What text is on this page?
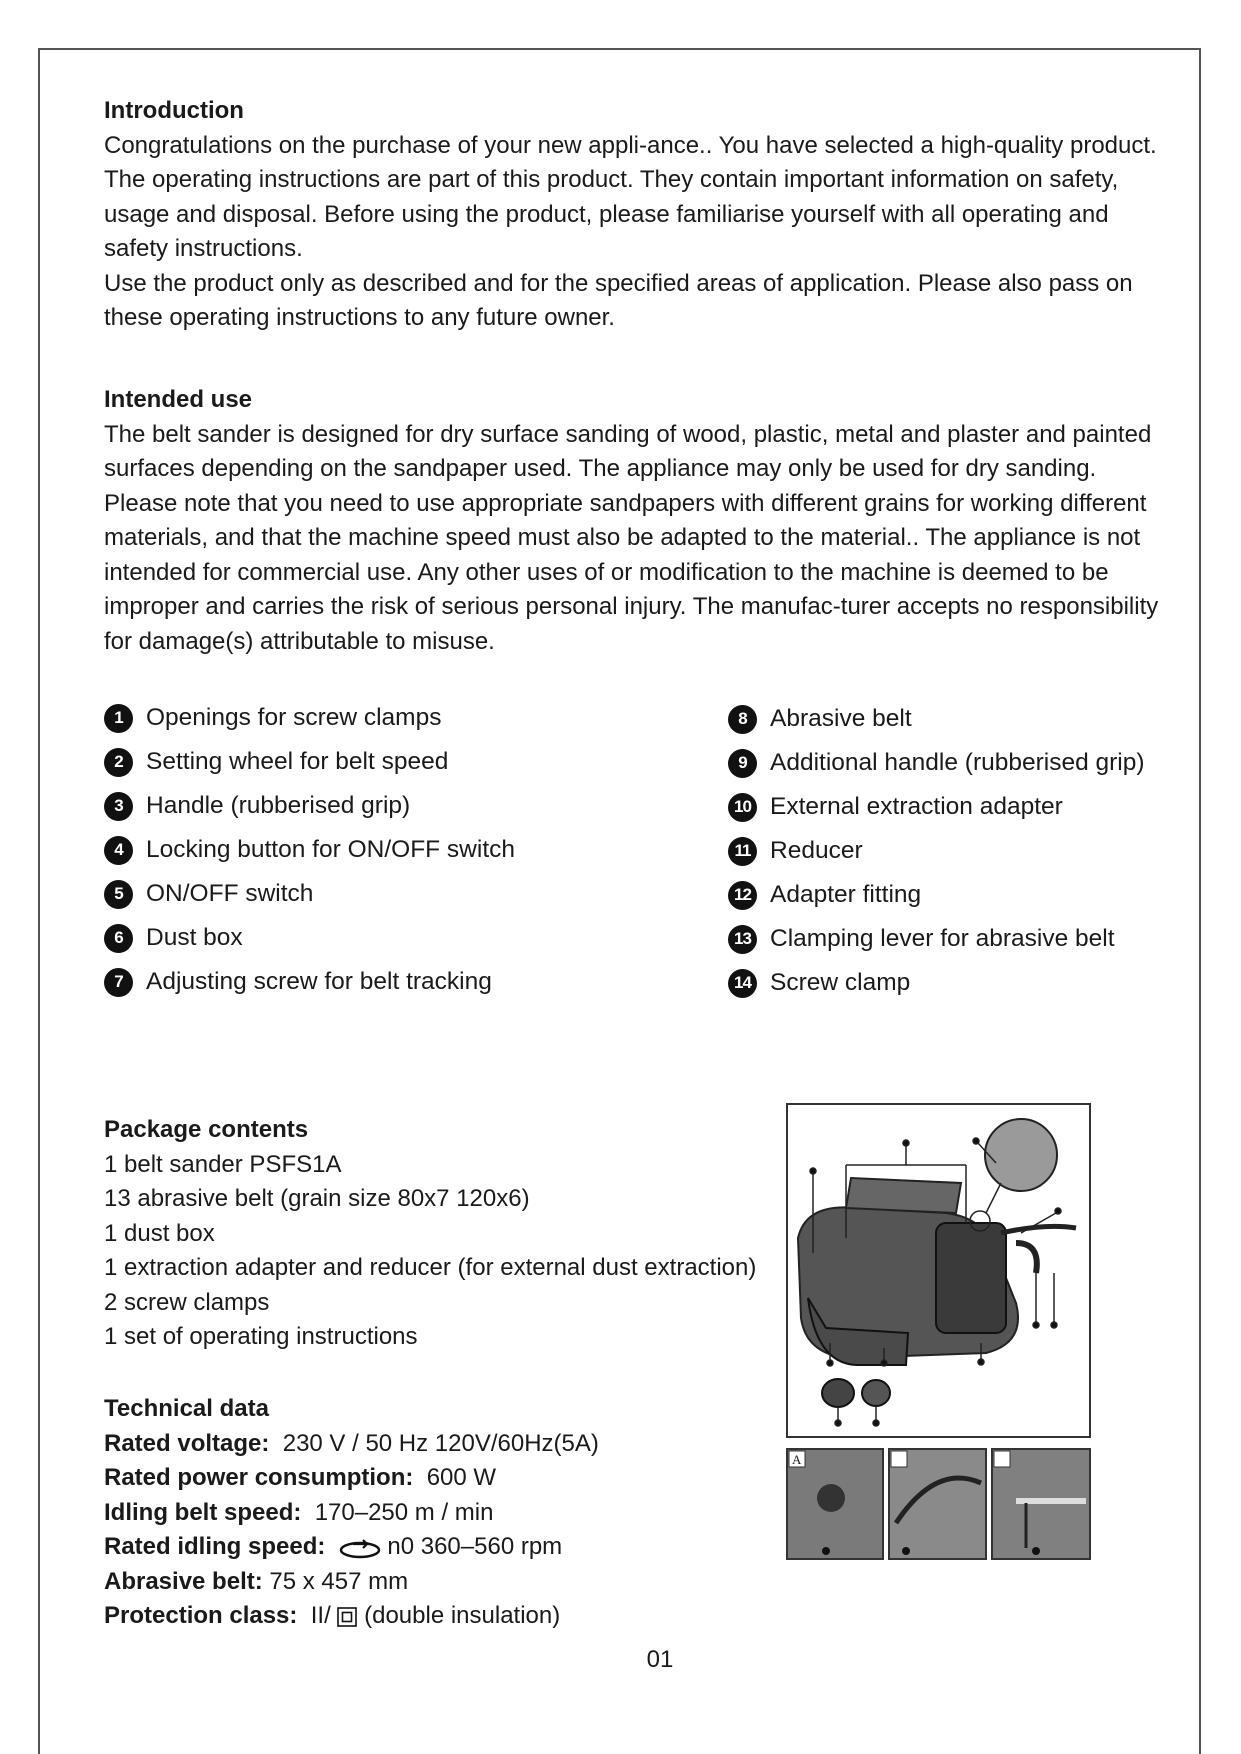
Introduction

Congratulations on the purchase of your new appli-ance.. You have selected a high-quality product. The operating instructions are part of this product. They contain important information on safety, usage and disposal. Before using the product, please familiarise yourself with all operating and safety instructions.

Use the product only as described and for the specified areas of application. Please also pass on these operating instructions to any future owner.

Intended use

The belt sander is designed for dry surface sanding of wood, plastic, metal and plaster and painted surfaces depending on the sandpaper used. The appliance may only be used for dry sanding. Please note that you need to use appropriate sandpapers with different grains for working different materials, and that the machine speed must also be adapted to the material.. The appliance is not intended for commercial use. Any other uses of or modification to the machine is deemed to be improper and carries the risk of serious personal injury. The manufac-turer accepts no responsibility for damage(s) attributable to misuse.

1 Openings for screw clamps
2 Setting wheel for belt speed
3 Handle (rubberised grip)
4 Locking button for ON/OFF switch
5 ON/OFF switch
6 Dust box
7 Adjusting screw for belt tracking
8 Abrasive belt
9 Additional handle (rubberised grip)
10 External extraction adapter
11 Reducer
12 Adapter fitting
13 Clamping lever for abrasive belt
14 Screw clamp
Package contents
1 belt sander PSFS1A
13 abrasive belt (grain size 80x7 120x6)
1 dust box
1 extraction adapter and reducer (for external dust extraction)
2 screw clamps
1 set of operating instructions
Technical data
Rated voltage: 230 V / 50 Hz 120V/60Hz(5A)
Rated power consumption: 600 W
Idling belt speed: 170–250 m / min
Rated idling speed:	n0 360–560 rpm
Abrasive belt: 75 x 457 mm
Protection class: II/ (double insulation)
A
01
